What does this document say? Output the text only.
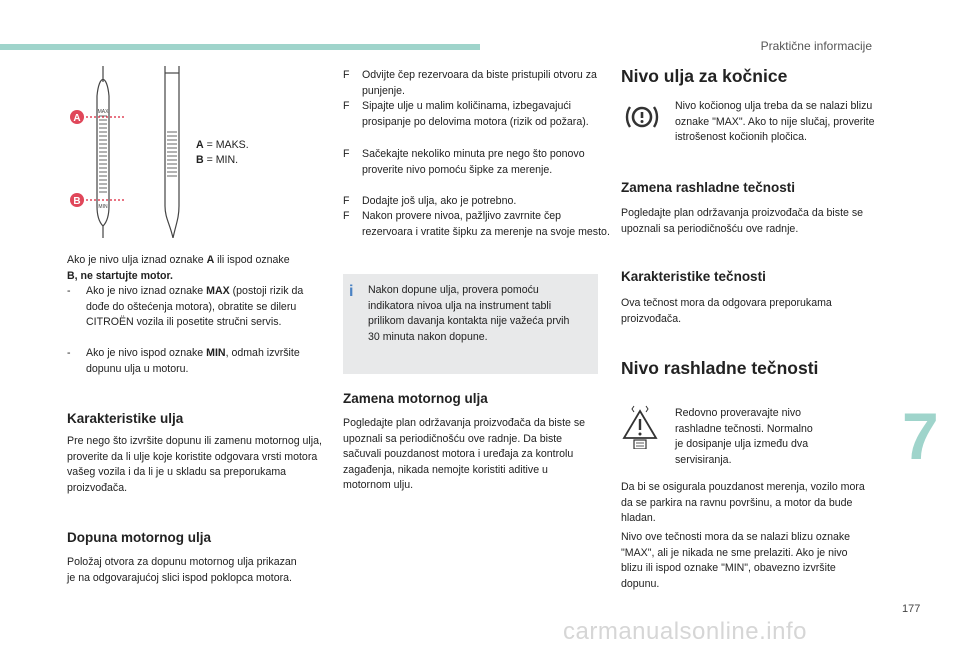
Praktične informacije
MAX
MIN
A
B
A = MAKS.
B = MIN.
Ako je nivo ulja iznad oznake A ili ispod oznake
B, ne startujte motor.
- Ako je nivo iznad oznake MAX (postoji rizik da dođe do oštećenja motora), obratite se dileru CITROËN vozila ili posetite stručni servis.
- Ako je nivo ispod oznake MIN, odmah izvršite dopunu ulja u motoru.
Karakteristike ulja
Pre nego što izvršite dopunu ili zamenu motornog ulja, proverite da li ulje koje koristite odgovara vrsti motora vašeg vozila i da li je u skladu sa preporukama proizvođača.
Dopuna motornog ulja
Položaj otvora za dopunu motornog ulja prikazan je na odgovarajućoj slici ispod poklopca motora.
F Odvijte čep rezervoara da biste pristupili otvoru za punjenje.
F Sipajte ulje u malim količinama, izbegavajući prosipanje po delovima motora (rizik od požara).
F Sačekajte nekoliko minuta pre nego što ponovo proverite nivo pomoću šipke za merenje.
F Dodajte još ulja, ako je potrebno.
F Nakon provere nivoa, pažljivo zavrnite čep rezervoara i vratite šipku za merenje na svoje mesto.
i Nakon dopune ulja, provera pomoću indikatora nivoa ulja na instrument tabli prilikom davanja kontakta nije važeća prvih 30 minuta nakon dopune.
Zamena motornog ulja
Pogledajte plan održavanja proizvođača da biste se upoznali sa periodičnošću ove radnje. Da biste sačuvali pouzdanost motora i uređaja za kontrolu zagađenja, nikada nemojte koristiti aditive u motornom ulju.
Nivo ulja za kočnice
Nivo kočionog ulja treba da se nalazi blizu oznake "MAX". Ako to nije slučaj, proverite istrošenost kočionih pločica.
Zamena rashladne tečnosti
Pogledajte plan održavanja proizvođača da biste se upoznali sa periodičnošću ove radnje.
Karakteristike tečnosti
Ova tečnost mora da odgovara preporukama proizvođača.
Nivo rashladne tečnosti
Redovno proveravajte nivo rashladne tečnosti. Normalno je dosipanje ulja između dva servisiranja.
Da bi se osigurala pouzdanost merenja, vozilo mora da se parkira na ravnu površinu, a motor da bude hladan.
Nivo ove tečnosti mora da se nalazi blizu oznake "MAX", ali je nikada ne sme prelaziti. Ako je nivo blizu ili ispod oznake "MIN", obavezno izvršite dopunu.
7
177
carmanualsonline.info
